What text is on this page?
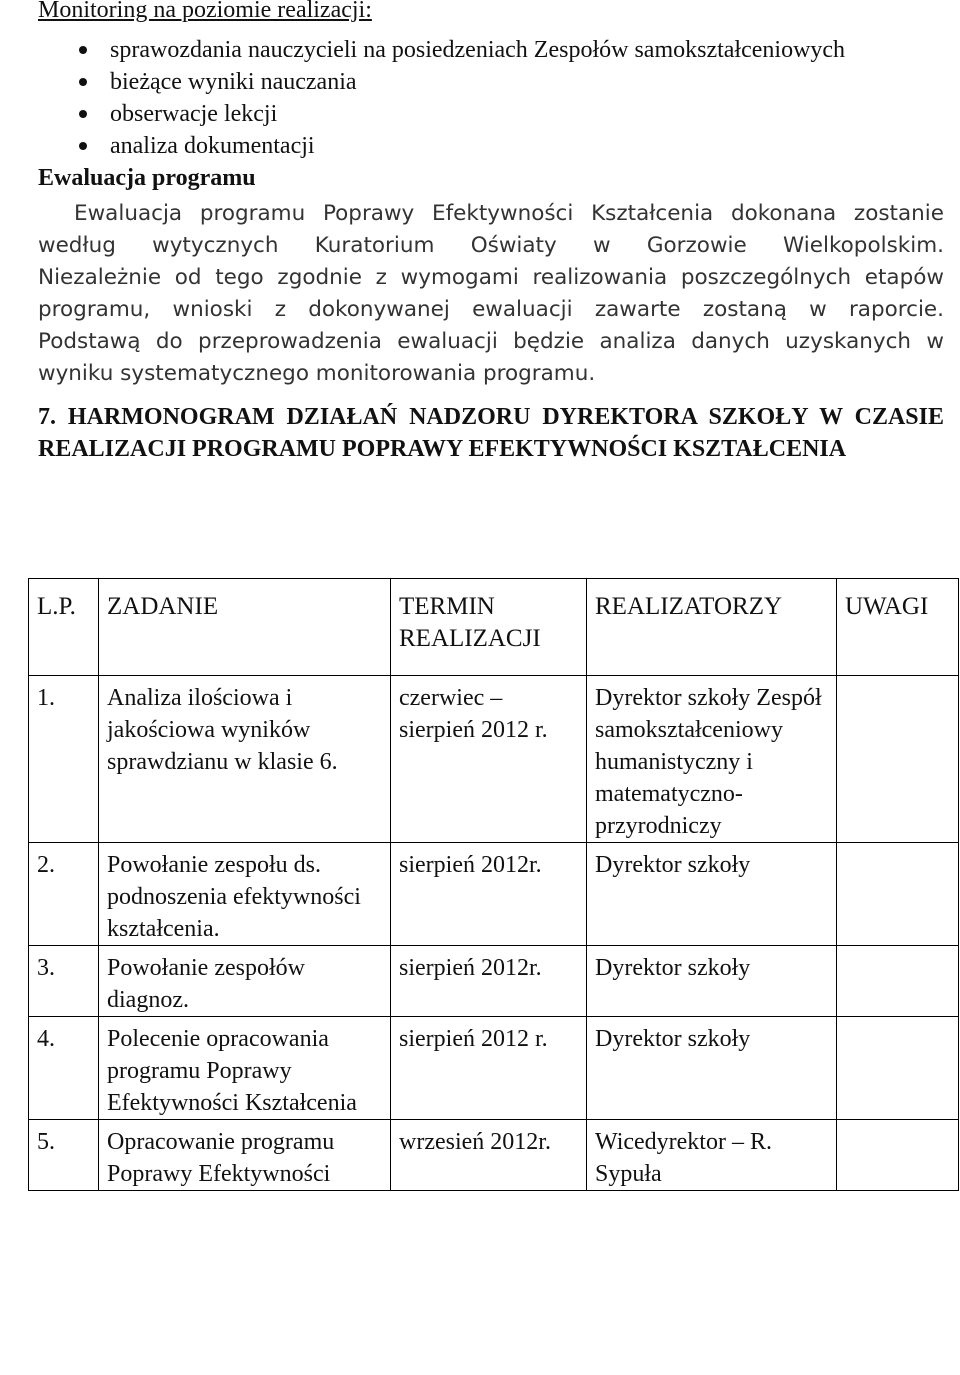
Monitoring na poziomie realizacji:
sprawozdania nauczycieli na posiedzeniach Zespołów samokształceniowych
bieżące wyniki nauczania
obserwacje lekcji
analiza dokumentacji
Ewaluacja programu

Ewaluacja programu Poprawy Efektywności Kształcenia dokonana zostanie według wytycznych Kuratorium Oświaty w Gorzowie Wielkopolskim.

Niezależnie od tego zgodnie z wymogami realizowania poszczególnych etapów programu, wnioski z dokonywanej ewaluacji zawarte zostaną w raporcie.

Podstawą do przeprowadzenia ewaluacji będzie analiza danych uzyskanych w wyniku systematycznego monitorowania programu.

7. HARMONOGRAM DZIAŁAŃ NADZORU DYREKTORA SZKOŁY W CZASIE REALIZACJI PROGRAMU POPRAWY EFEKTYWNOŚCI KSZTAŁCENIA
L.P.	ZADANIE	TERMIN REALIZACJI	REALIZATORZY	UWAGI
1.	Analiza ilościowa i jakościowa wyników sprawdzianu w klasie 6.	czerwiec – sierpień 2012 r.	Dyrektor szkoły Zespół samokształceniowy humanistyczny i matematyczno-przyrodniczy	
2.	Powołanie zespołu ds. podnoszenia efektywności kształcenia.	sierpień 2012r.	Dyrektor szkoły	
3.	Powołanie zespołów diagnoz.	sierpień 2012r.	Dyrektor szkoły	
4.	Polecenie opracowania programu Poprawy Efektywności Kształcenia	sierpień 2012 r.	Dyrektor szkoły	
5.	Opracowanie programu Poprawy Efektywności	wrzesień 2012r.	Wicedyrektor – R. Sypuła	
